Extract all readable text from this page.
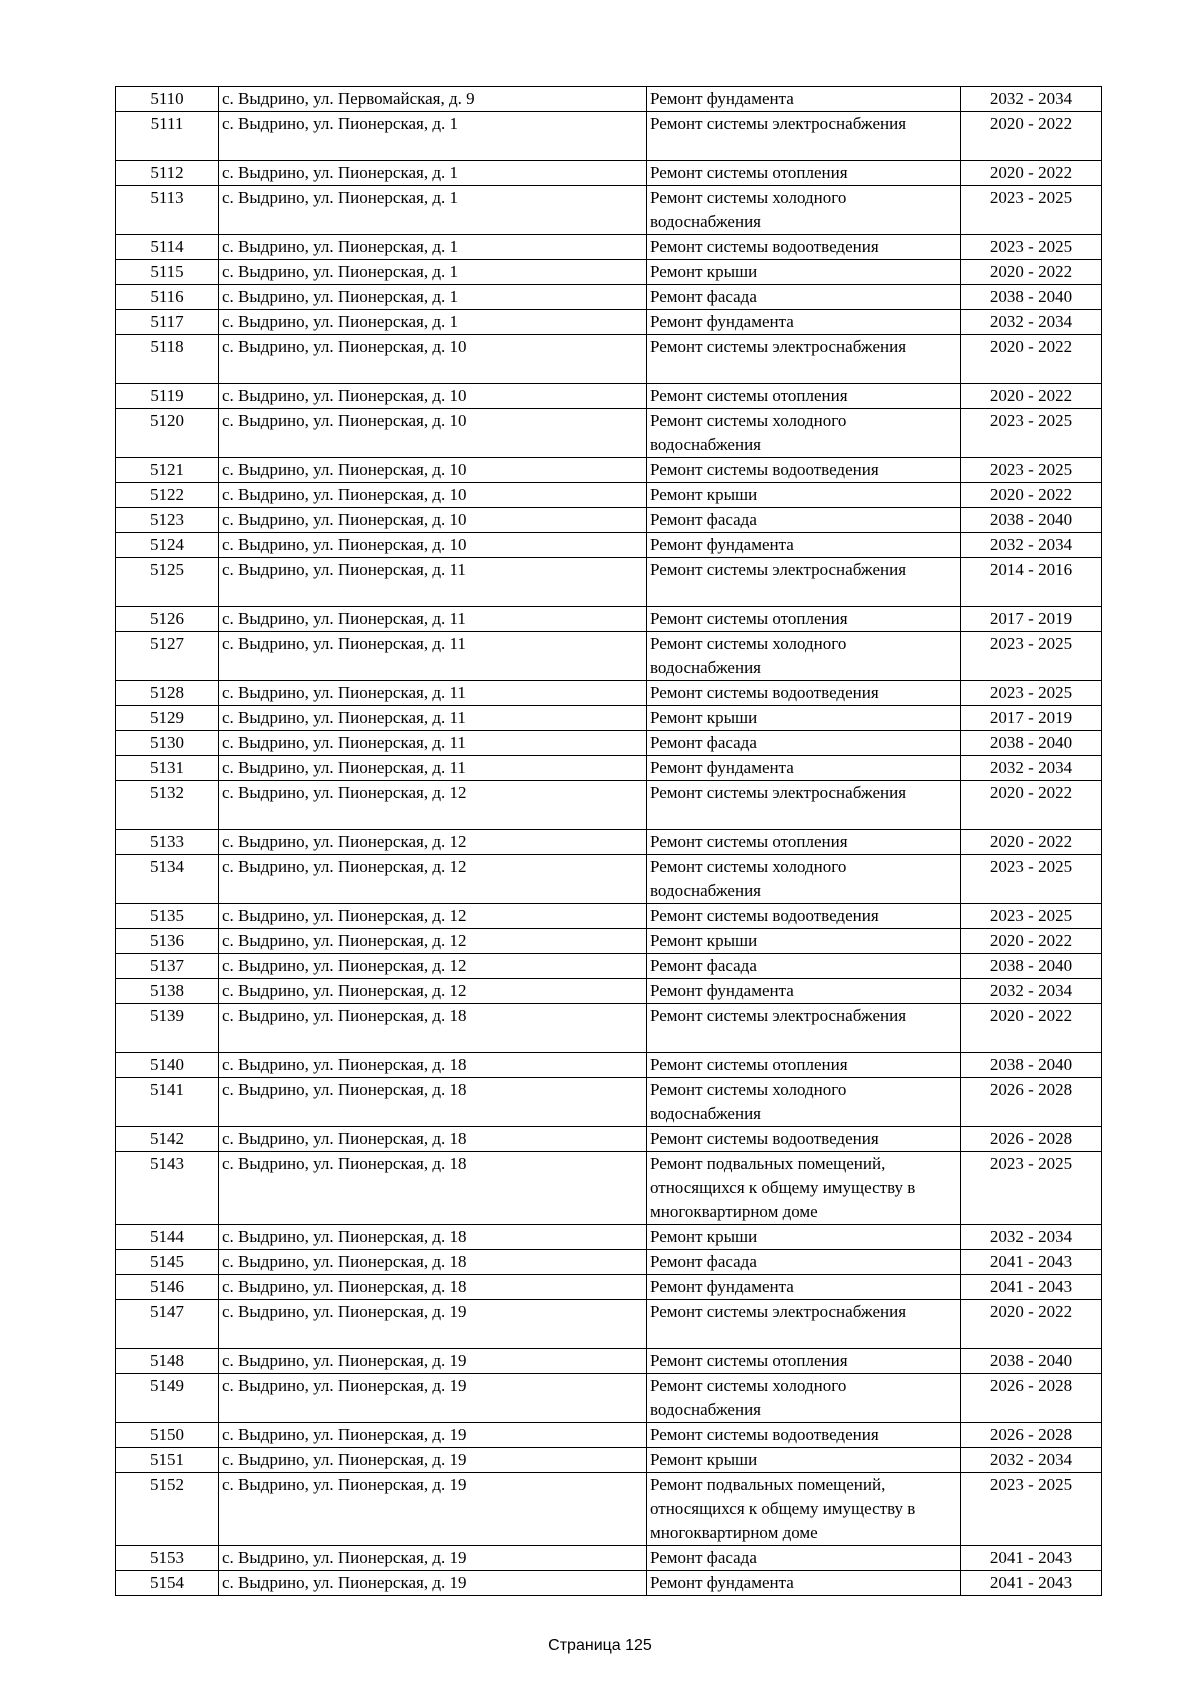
5110	с. Выдрино, ул. Первомайская, д. 9	Ремонт фундамента	2032 - 2034
5111	с. Выдрино, ул. Пионерская, д. 1	Ремонт системы электроснабжения	2020 - 2022
5112	с. Выдрино, ул. Пионерская, д. 1	Ремонт системы отопления	2020 - 2022
5113	с. Выдрино, ул. Пионерская, д. 1	Ремонт системы холодного водоснабжения	2023 - 2025
5114	с. Выдрино, ул. Пионерская, д. 1	Ремонт системы водоотведения	2023 - 2025
5115	с. Выдрино, ул. Пионерская, д. 1	Ремонт крыши	2020 - 2022
5116	с. Выдрино, ул. Пионерская, д. 1	Ремонт фасада	2038 - 2040
5117	с. Выдрино, ул. Пионерская, д. 1	Ремонт фундамента	2032 - 2034
5118	с. Выдрино, ул. Пионерская, д. 10	Ремонт системы электроснабжения	2020 - 2022
5119	с. Выдрино, ул. Пионерская, д. 10	Ремонт системы отопления	2020 - 2022
5120	с. Выдрино, ул. Пионерская, д. 10	Ремонт системы холодного водоснабжения	2023 - 2025
5121	с. Выдрино, ул. Пионерская, д. 10	Ремонт системы водоотведения	2023 - 2025
5122	с. Выдрино, ул. Пионерская, д. 10	Ремонт крыши	2020 - 2022
5123	с. Выдрино, ул. Пионерская, д. 10	Ремонт фасада	2038 - 2040
5124	с. Выдрино, ул. Пионерская, д. 10	Ремонт фундамента	2032 - 2034
5125	с. Выдрино, ул. Пионерская, д. 11	Ремонт системы электроснабжения	2014 - 2016
5126	с. Выдрино, ул. Пионерская, д. 11	Ремонт системы отопления	2017 - 2019
5127	с. Выдрино, ул. Пионерская, д. 11	Ремонт системы холодного водоснабжения	2023 - 2025
5128	с. Выдрино, ул. Пионерская, д. 11	Ремонт системы водоотведения	2023 - 2025
5129	с. Выдрино, ул. Пионерская, д. 11	Ремонт крыши	2017 - 2019
5130	с. Выдрино, ул. Пионерская, д. 11	Ремонт фасада	2038 - 2040
5131	с. Выдрино, ул. Пионерская, д. 11	Ремонт фундамента	2032 - 2034
5132	с. Выдрино, ул. Пионерская, д. 12	Ремонт системы электроснабжения	2020 - 2022
5133	с. Выдрино, ул. Пионерская, д. 12	Ремонт системы отопления	2020 - 2022
5134	с. Выдрино, ул. Пионерская, д. 12	Ремонт системы холодного водоснабжения	2023 - 2025
5135	с. Выдрино, ул. Пионерская, д. 12	Ремонт системы водоотведения	2023 - 2025
5136	с. Выдрино, ул. Пионерская, д. 12	Ремонт крыши	2020 - 2022
5137	с. Выдрино, ул. Пионерская, д. 12	Ремонт фасада	2038 - 2040
5138	с. Выдрино, ул. Пионерская, д. 12	Ремонт фундамента	2032 - 2034
5139	с. Выдрино, ул. Пионерская, д. 18	Ремонт системы электроснабжения	2020 - 2022
5140	с. Выдрино, ул. Пионерская, д. 18	Ремонт системы отопления	2038 - 2040
5141	с. Выдрино, ул. Пионерская, д. 18	Ремонт системы холодного водоснабжения	2026 - 2028
5142	с. Выдрино, ул. Пионерская, д. 18	Ремонт системы водоотведения	2026 - 2028
5143	с. Выдрино, ул. Пионерская, д. 18	Ремонт подвальных помещений, относящихся к общему имуществу в многоквартирном доме	2023 - 2025
5144	с. Выдрино, ул. Пионерская, д. 18	Ремонт крыши	2032 - 2034
5145	с. Выдрино, ул. Пионерская, д. 18	Ремонт фасада	2041 - 2043
5146	с. Выдрино, ул. Пионерская, д. 18	Ремонт фундамента	2041 - 2043
5147	с. Выдрино, ул. Пионерская, д. 19	Ремонт системы электроснабжения	2020 - 2022
5148	с. Выдрино, ул. Пионерская, д. 19	Ремонт системы отопления	2038 - 2040
5149	с. Выдрино, ул. Пионерская, д. 19	Ремонт системы холодного водоснабжения	2026 - 2028
5150	с. Выдрино, ул. Пионерская, д. 19	Ремонт системы водоотведения	2026 - 2028
5151	с. Выдрино, ул. Пионерская, д. 19	Ремонт крыши	2032 - 2034
5152	с. Выдрино, ул. Пионерская, д. 19	Ремонт подвальных помещений, относящихся к общему имуществу в многоквартирном доме	2023 - 2025
5153	с. Выдрино, ул. Пионерская, д. 19	Ремонт фасада	2041 - 2043
5154	с. Выдрино, ул. Пионерская, д. 19	Ремонт фундамента	2041 - 2043
Страница 125
